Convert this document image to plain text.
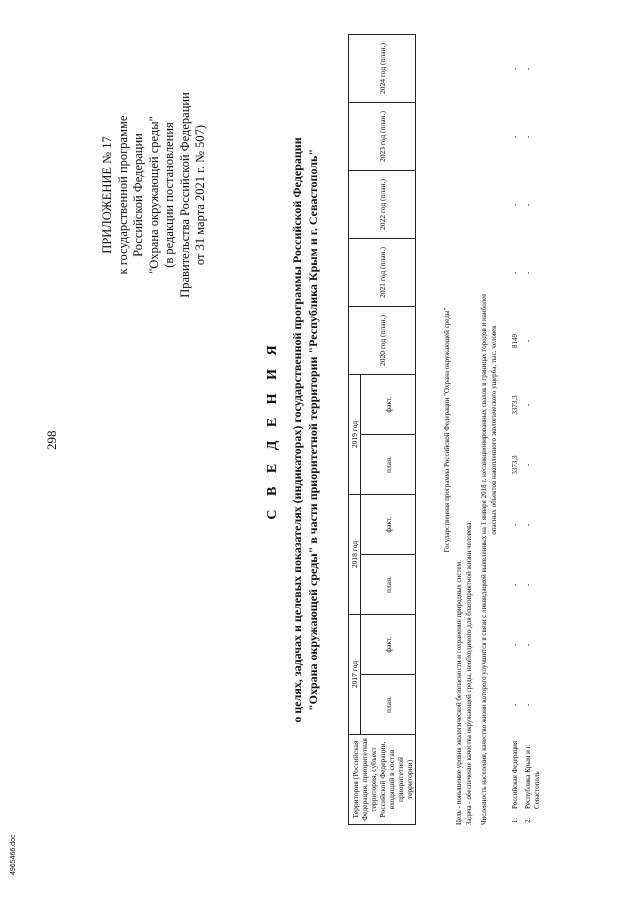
298
4965466.doc
ПРИЛОЖЕНИЕ № 17 к государственной программе Российской Федерации "Охрана окружающей среды" (в редакции постановления Правительства Российской Федерации от 31 марта 2021 г. № 507)
С В Е Д Е Н И Я о целях, задачах и целевых показателях (индикаторах) государственной программы Российской Федерации "Охрана окружающей среды" в части приоритетной территории "Республика Крым и г. Севастополь"
Территория (Российская Федерация, приоритетная территория, субъект Российской Федерации, входящий в состав приоритетной территории)	2017 год		2018 год		2019 год		2020 год (план.)	2021 год (план.)	2022 год (план.)	2023 год (план.)	2024 год (план.)
	план.	факт.	план.	факт.	план.	факт.						Государственная программа Российской Федерации "Охрана окружающей среды"
Цель - повышение уровня экологической безопасности и сохранение природных систем. Задача - обеспечение качества окружающей среды, необходимого для благоприятной жизни человека. Численность населения, качество жизни которого улучшится в связи с ликвидацией выявленных на 1 января 2018 г. несанкционированных свалок в границах городов и наиболее опасных объектов накопленного экологического ущерба, тыс. человек
1.	Российская Федерация	-	-	-	-	3373,3	3373,3	8149	-	-	-	-
2.	Республика Крым и г. Севастополь	-	-	-	-	-	-	-	-	-	-	-
